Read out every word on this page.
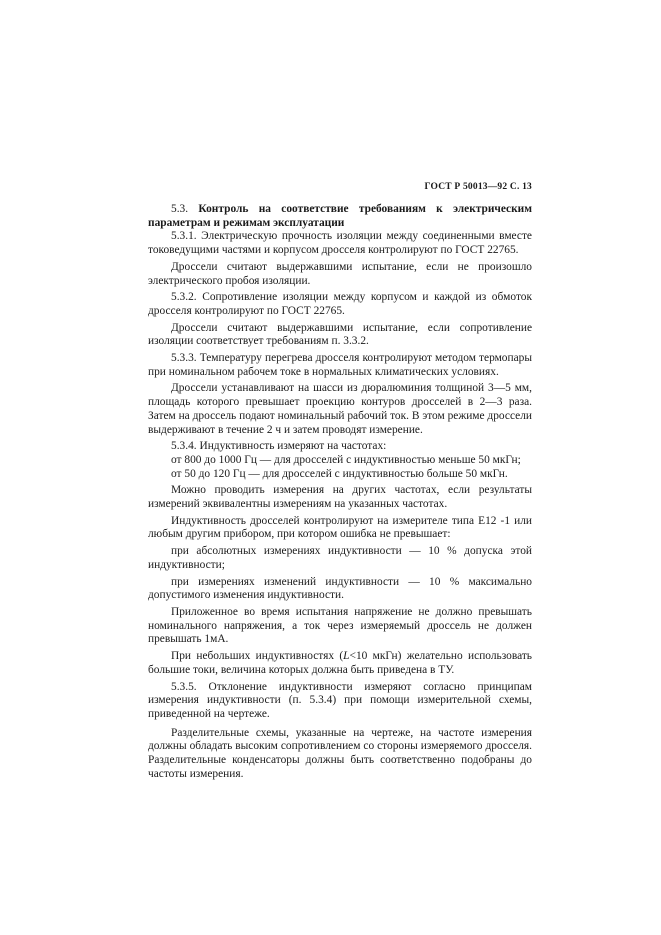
ГОСТ Р 50013—92 С. 13

5.3. Контроль на соответствие требованиям к электрическим параметрам и режимам эксплуатации

5.3.1. Электрическую прочность изоляции между соединенными вместе токоведущими частями и корпусом дросселя контролируют по ГОСТ 22765.

Дроссели считают выдержавшими испытание, если не произошло электрического пробоя изоляции.

5.3.2. Сопротивление изоляции между корпусом и каждой из обмоток дросселя контролируют по ГОСТ 22765.

Дроссели считают выдержавшими испытание, если сопротивление изоляции соответствует требованиям п. 3.3.2.

5.3.3. Температуру перегрева дросселя контролируют методом термопары при номинальном рабочем токе в нормальных климатических условиях.

Дроссели устанавливают на шасси из дюралюминия толщиной 3—5 мм, площадь которого превышает проекцию контуров дросселей в 2—3 раза. Затем на дроссель подают номинальный рабочий ток. В этом режиме дроссели выдерживают в течение 2 ч и затем проводят измерение.

5.3.4. Индуктивность измеряют на частотах:

от 800 до 1000 Гц — для дросселей с индуктивностью меньше 50 мкГн;

от 50 до 120 Гц — для дросселей с индуктивностью больше 50 мкГн.

Можно проводить измерения на других частотах, если результаты измерений эквивалентны измерениям на указанных частотах.

Индуктивность дросселей контролируют на измерителе типа Е12 -1 или любым другим прибором, при котором ошибка не превышает:

при абсолютных измерениях индуктивности — 10 % допуска этой индуктивности;

при измерениях изменений индуктивности — 10 % максимально допустимого изменения индуктивности.

Приложенное во время испытания напряжение не должно превышать номинального напряжения, а ток через измеряемый дроссель не должен превышать 1мА.

При небольших индуктивностях (L<10 мкГн) желательно использовать большие токи, величина которых должна быть приведена в ТУ.

5.3.5. Отклонение индуктивности измеряют согласно принципам измерения индуктивности (п. 5.3.4) при помощи измерительной схемы, приведенной на чертеже.

Разделительные схемы, указанные на чертеже, на частоте измерения должны обладать высоким сопротивлением со стороны измеряемого дросселя. Разделительные конденсаторы должны быть соответственно подобраны до частоты измерения.
